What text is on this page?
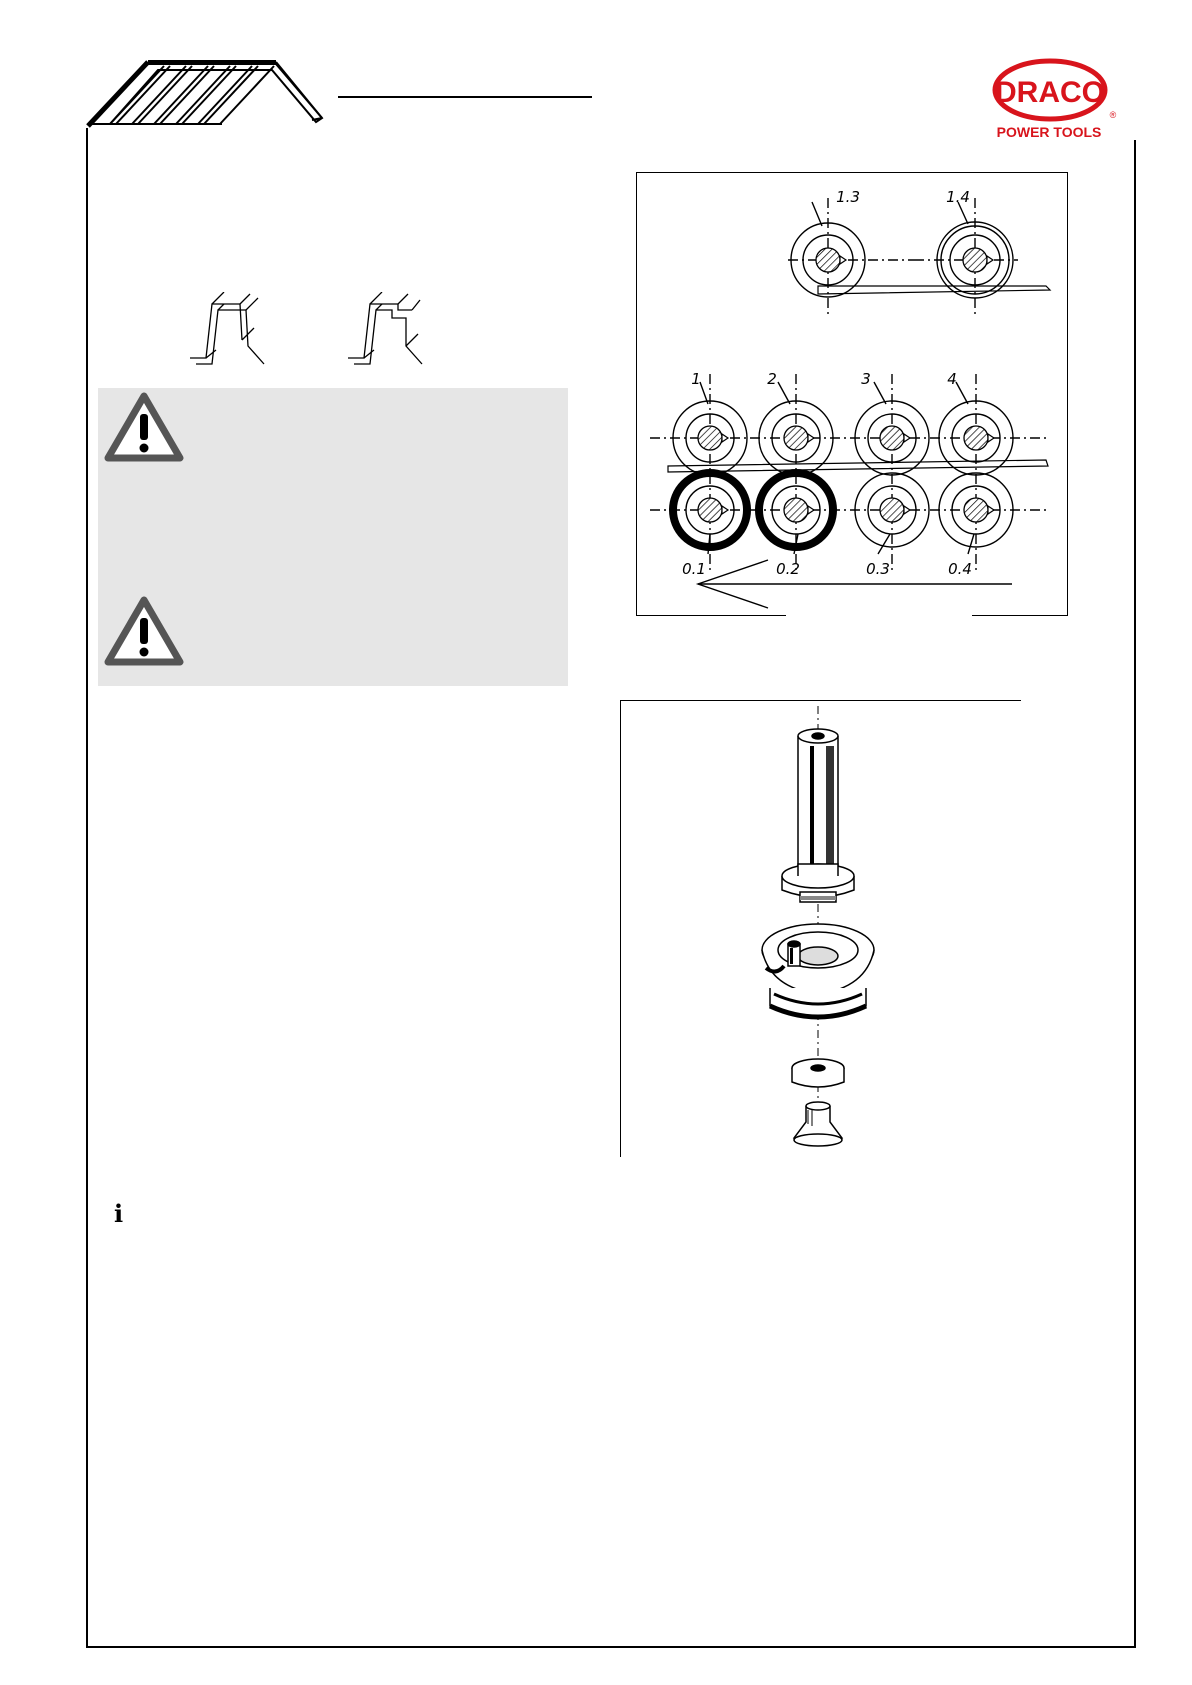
DRACO
®
POWER TOOLS
i
1.3	1.4
1	2	3	4
0.1	0.2	0.3	0.4
